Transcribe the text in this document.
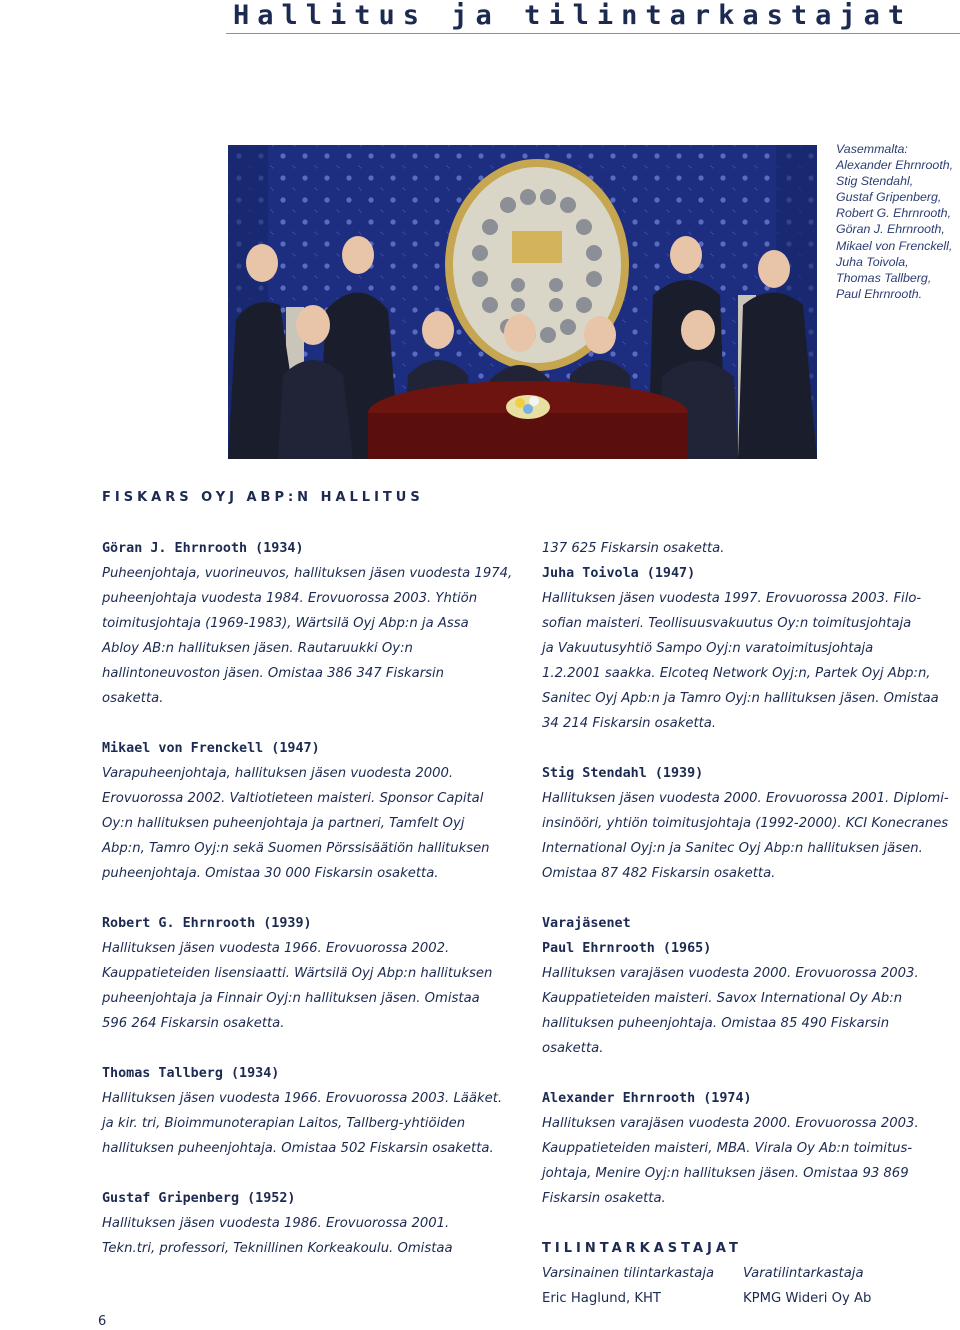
Hallitus ja tilintarkastajat
Vasemmalta:
Alexander Ehrnrooth,
Stig Stendahl,
Gustaf Gripenberg,
Robert G. Ehrnrooth,
Göran J. Ehrnrooth,
Mikael von Frenckell,
Juha Toivola,
Thomas Tallberg,
Paul Ehrnrooth.
FISKARS OYJ ABP:N HALLITUS
Göran J. Ehrnrooth (1934)
Puheenjohtaja, vuorineuvos, hallituksen jäsen vuodesta 1974,
puheenjohtaja vuodesta 1984. Erovuorossa 2003. Yhtiön
toimitusjohtaja (1969-1983), Wärtsilä Oyj Abp:n ja Assa
Abloy AB:n hallituksen jäsen. Rautaruukki Oy:n
hallintoneuvoston jäsen. Omistaa 386 347 Fiskarsin
osaketta.
Mikael von Frenckell (1947)
Varapuheenjohtaja, hallituksen jäsen vuodesta 2000.
Erovuorossa 2002. Valtiotieteen maisteri. Sponsor Capital
Oy:n hallituksen puheenjohtaja ja partneri, Tamfelt Oyj
Abp:n, Tamro Oyj:n sekä Suomen Pörssisäätiön hallituksen
puheenjohtaja. Omistaa 30 000 Fiskarsin osaketta.
Robert G. Ehrnrooth (1939)
Hallituksen jäsen vuodesta 1966. Erovuorossa 2002.
Kauppatieteiden lisensiaatti. Wärtsilä Oyj Abp:n hallituksen
puheenjohtaja ja Finnair Oyj:n hallituksen jäsen. Omistaa
596 264 Fiskarsin osaketta.
Thomas Tallberg (1934)
Hallituksen jäsen vuodesta 1966. Erovuorossa 2003. Lääket.
ja kir. tri, Bioimmunoterapian Laitos, Tallberg-yhtiöiden
hallituksen puheenjohtaja. Omistaa 502 Fiskarsin osaketta.
Gustaf Gripenberg (1952)
Hallituksen jäsen vuodesta 1986. Erovuorossa 2001.
Tekn.tri, professori, Teknillinen Korkeakoulu. Omistaa
137 625 Fiskarsin osaketta.
Juha Toivola (1947)
Hallituksen jäsen vuodesta 1997. Erovuorossa 2003. Filo-
sofian maisteri. Teollisuusvakuutus Oy:n toimitusjohtaja
ja Vakuutusyhtiö Sampo Oyj:n varatoimitusjohtaja
1.2.2001 saakka. Elcoteq Network Oyj:n, Partek Oyj Abp:n,
Sanitec Oyj Apb:n ja Tamro Oyj:n hallituksen jäsen. Omistaa
34 214 Fiskarsin osaketta.
Stig Stendahl (1939)
Hallituksen jäsen vuodesta 2000. Erovuorossa 2001. Diplomi-
insinööri, yhtiön toimitusjohtaja (1992-2000). KCI Konecranes
International Oyj:n ja Sanitec Oyj Abp:n hallituksen jäsen.
Omistaa 87 482 Fiskarsin osaketta.
Varajäsenet
Paul Ehrnrooth (1965)
Hallituksen varajäsen vuodesta 2000. Erovuorossa 2003.
Kauppatieteiden maisteri. Savox International Oy Ab:n
hallituksen puheenjohtaja. Omistaa 85 490 Fiskarsin
osaketta.
Alexander Ehrnrooth (1974)
Hallituksen varajäsen vuodesta 2000. Erovuorossa 2003.
Kauppatieteiden maisteri, MBA. Virala Oy Ab:n toimitus-
johtaja, Menire Oyj:n hallituksen jäsen. Omistaa 93 869
Fiskarsin osaketta.
TILINTARKASTAJAT
Varsinainen tilintarkastaja
Eric Haglund, KHT
Varatilintarkastaja
KPMG Wideri Oy Ab
6
